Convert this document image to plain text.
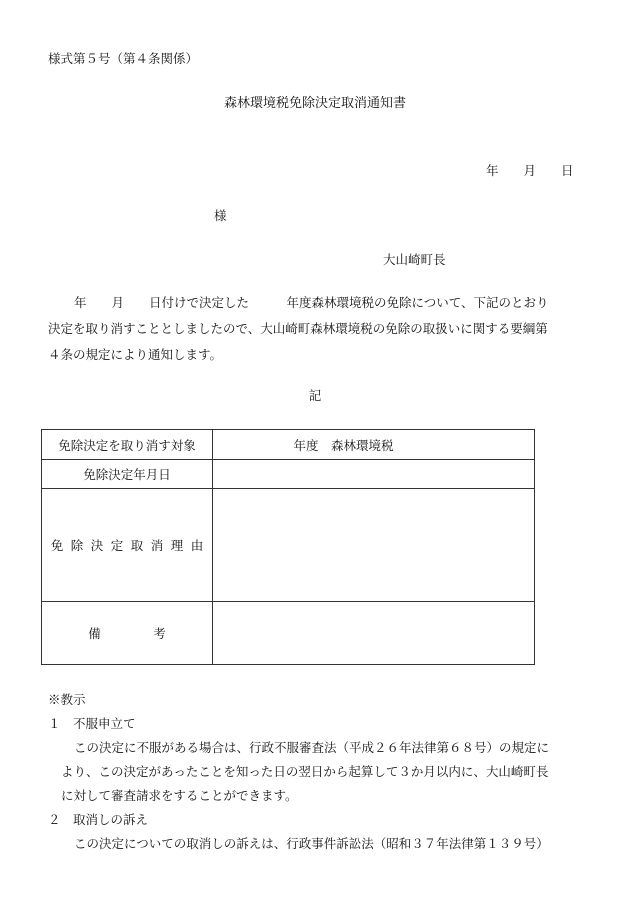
様式第５号（第４条関係）
森林環境税免除決定取消通知書
年　　月　　日
様
大山崎町長
年　　月　　日付けで決定した　　　年度森林環境税の免除について、下記のとおり
決定を取り消すこととしましたので、大山崎町森林環境税の免除の取扱いに関する要綱第
４条の規定により通知します。
記
免除決定を取り消す対象	年度　森林環境税
免除決定年月日	
免除決定取消理由	
備考	
※教示
１　不服申立て
この決定に不服がある場合は、行政不服審査法（平成２６年法律第６８号）の規定に
より、この決定があったことを知った日の翌日から起算して３か月以内に、大山崎町長
に対して審査請求をすることができます。
２　取消しの訴え
この決定についての取消しの訴えは、行政事件訴訟法（昭和３７年法律第１３９号）
